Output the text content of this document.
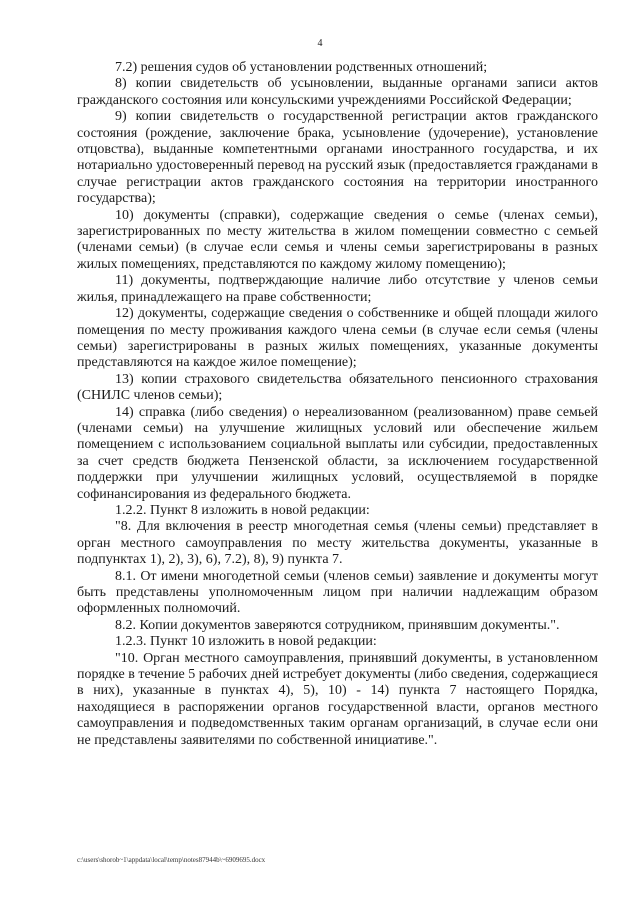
4

7.2) решения судов об установлении родственных отношений;

8) копии свидетельств об усыновлении, выданные органами записи актов гражданского состояния или консульскими учреждениями Российской Федерации;

9) копии свидетельств о государственной регистрации актов гражданского состояния (рождение, заключение брака, усыновление (удочерение), установление отцовства), выданные компетентными органами иностранного государства, и их нотариально удостоверенный перевод на русский язык (предоставляется гражданами в случае регистрации актов гражданского состояния на территории иностранного государства);

10) документы (справки), содержащие сведения о семье (членах семьи), зарегистрированных по месту жительства в жилом помещении совместно с семьей (членами семьи) (в случае если семья и члены семьи зарегистрированы в разных жилых помещениях, представляются по каждому жилому помещению);

11) документы, подтверждающие наличие либо отсутствие у членов семьи жилья, принадлежащего на праве собственности;

12) документы, содержащие сведения о собственнике и общей площади жилого помещения по месту проживания каждого члена семьи (в случае если семья (члены семьи) зарегистрированы в разных жилых помещениях, указанные документы представляются на каждое жилое помещение);

13) копии страхового свидетельства обязательного пенсионного страхования (СНИЛС членов семьи);

14) справка (либо сведения) о нереализованном (реализованном) праве семьей (членами семьи) на улучшение жилищных условий или обеспечение жильем помещением с использованием социальной выплаты или субсидии, предоставленных за счет средств бюджета Пензенской области, за исключением государственной поддержки при улучшении жилищных условий, осуществляемой в порядке софинансирования из федерального бюджета.

1.2.2. Пункт 8 изложить в новой редакции:

"8. Для включения в реестр многодетная семья (члены семьи) представляет в орган местного самоуправления по месту жительства документы, указанные в подпунктах 1), 2), 3), 6), 7.2), 8), 9) пункта 7.

8.1. От имени многодетной семьи (членов семьи) заявление и документы могут быть представлены уполномоченным лицом при наличии надлежащим образом оформленных полномочий.

8.2. Копии документов заверяются сотрудником, принявшим документы.".

1.2.3. Пункт 10 изложить в новой редакции:

"10. Орган местного самоуправления, принявший документы, в установленном порядке в течение 5 рабочих дней истребует документы (либо сведения, содержащиеся в них), указанные в пунктах 4), 5), 10) - 14) пункта 7 настоящего Порядка, находящиеся в распоряжении органов государственной власти, органов местного самоуправления и подведомственных таким органам организаций, в случае если они не представлены заявителями по собственной инициативе.".

c:\users\shorob~1\appdata\local\temp\notes87944b\~6909695.docx
